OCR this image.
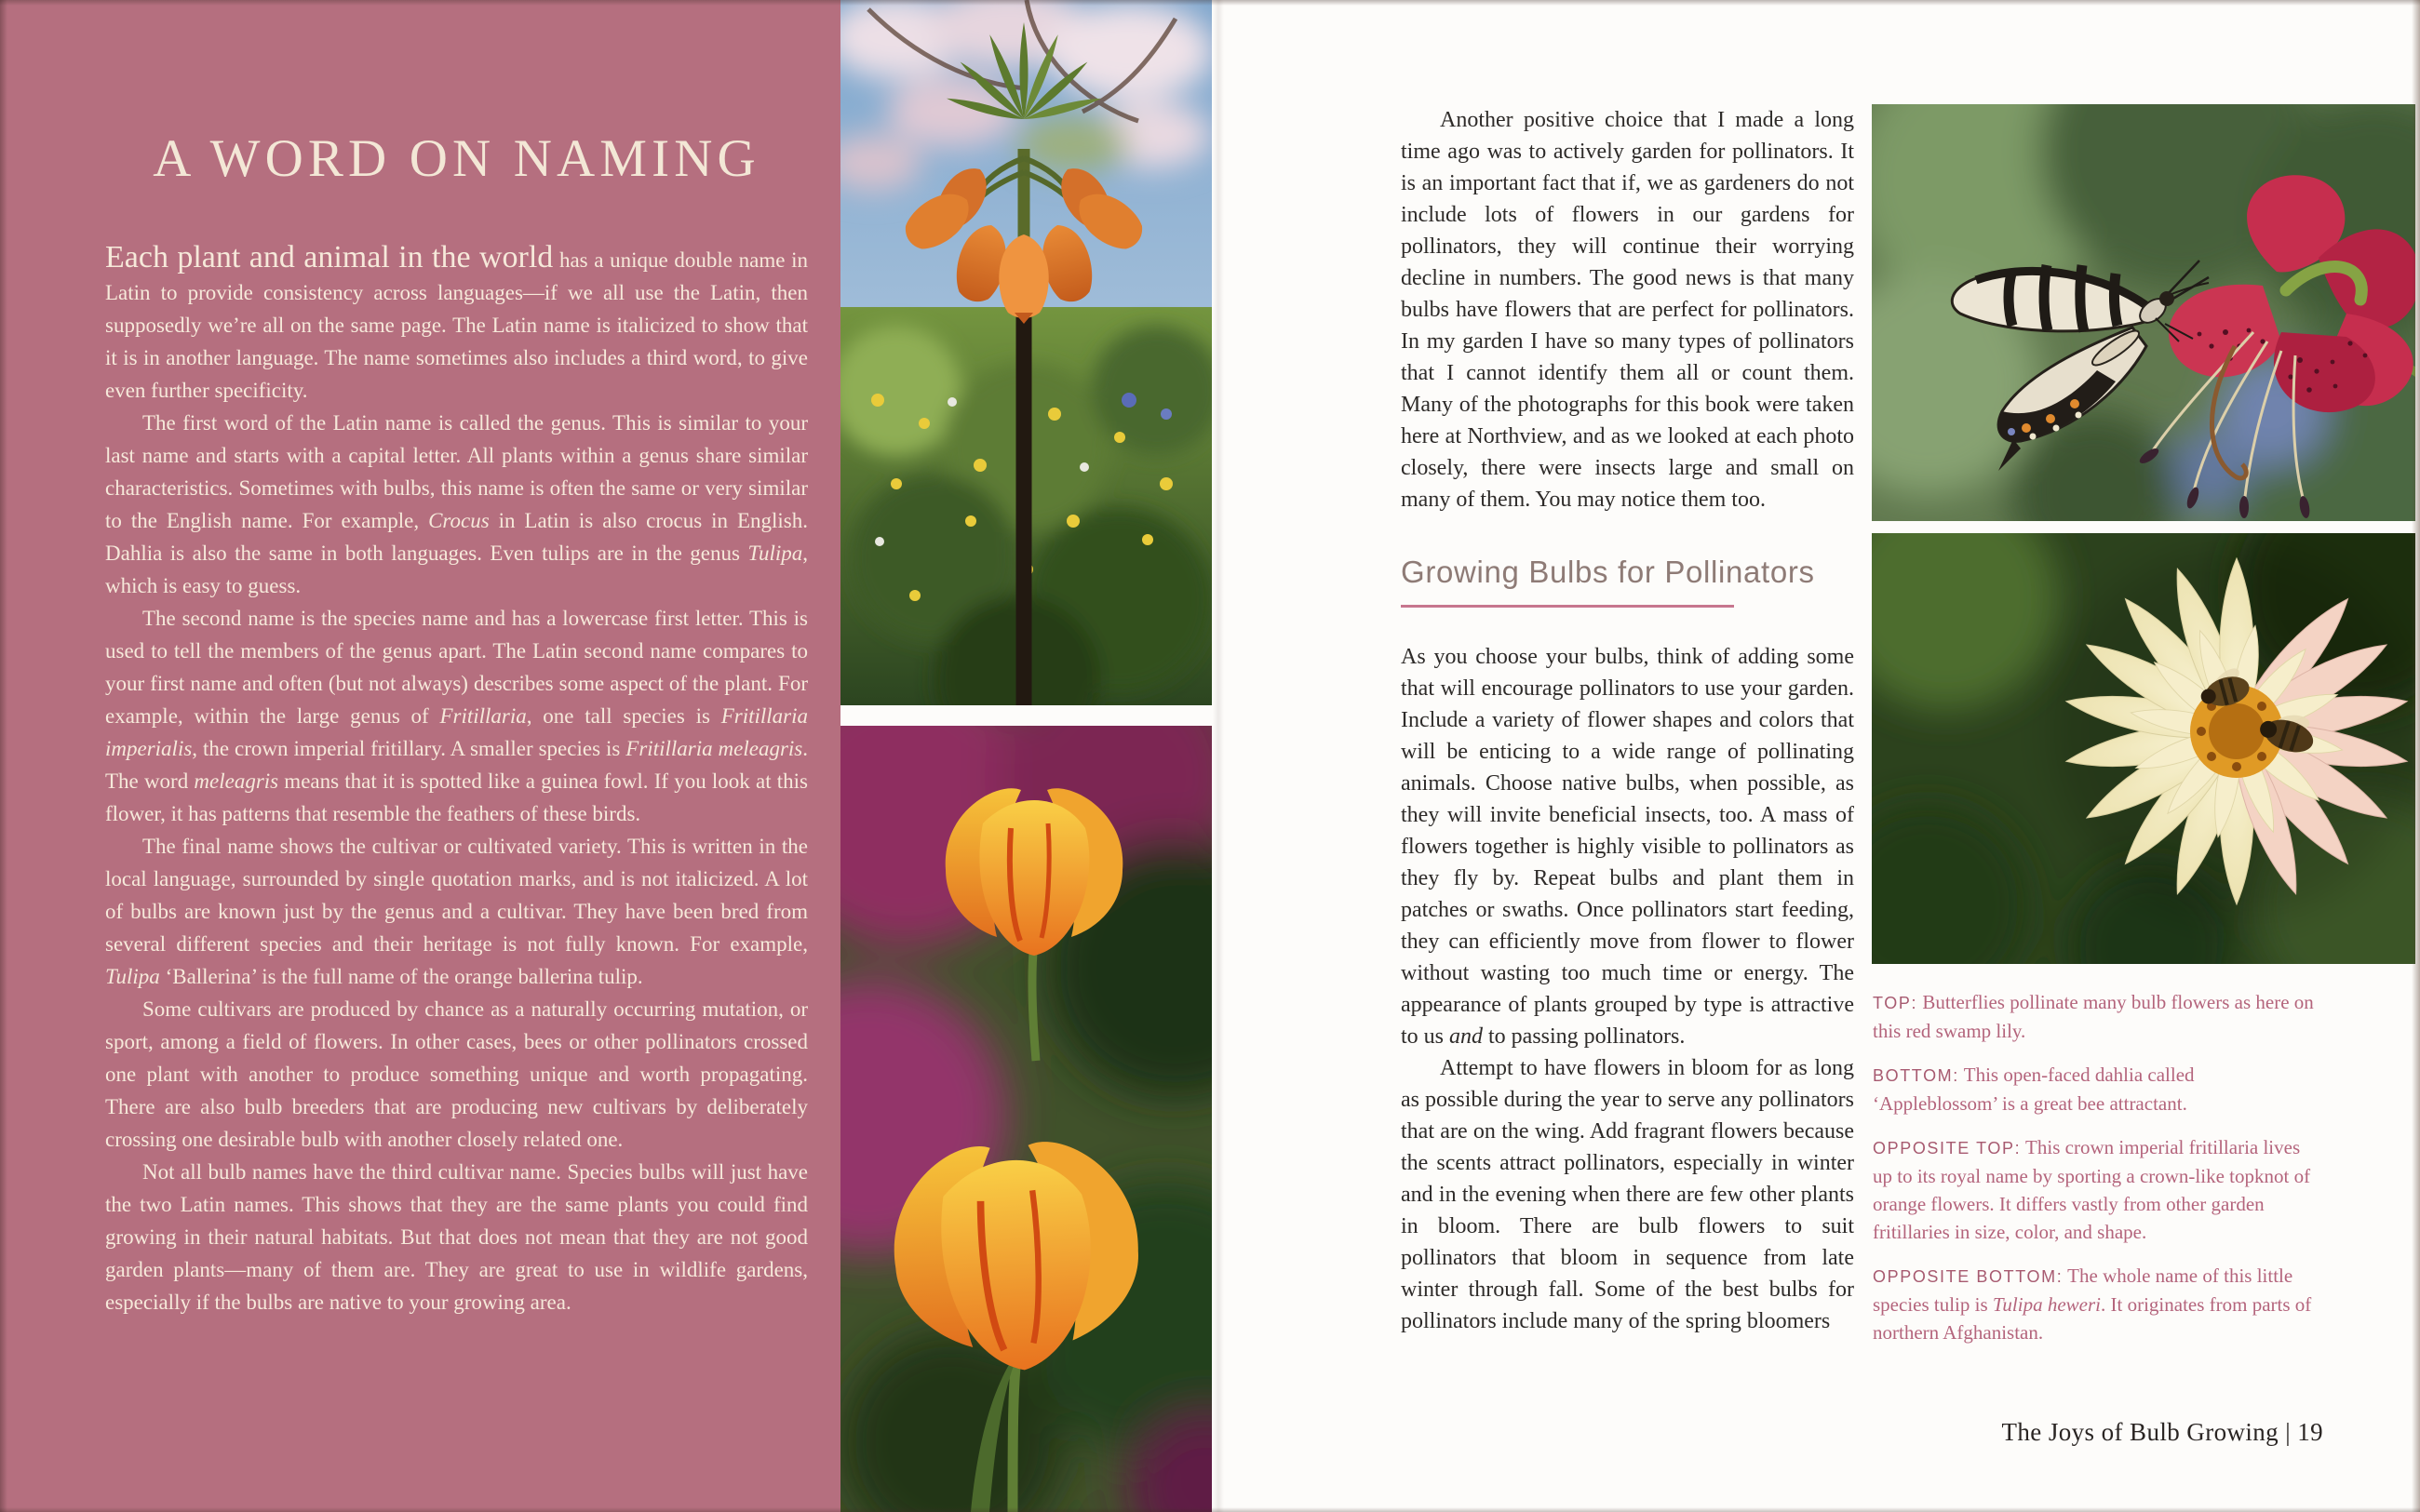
A WORD ON NAMING

Each plant and animal in the world has a unique double name in Latin to provide consistency across languages—if we all use the Latin, then supposedly we’re all on the same page. The Latin name is italicized to show that it is in another language. The name sometimes also includes a third word, to give even further specificity.

The first word of the Latin name is called the genus. This is similar to your last name and starts with a capital letter. All plants within a genus share similar characteristics. Sometimes with bulbs, this name is often the same or very similar to the English name. For example, Crocus in Latin is also crocus in English. Dahlia is also the same in both languages. Even tulips are in the genus Tulipa, which is easy to guess.

The second name is the species name and has a lowercase first letter. This is used to tell the members of the genus apart. The Latin second name compares to your first name and often (but not always) describes some aspect of the plant. For example, within the large genus of Fritillaria, one tall species is Fritillaria imperialis, the crown imperial fritillary. A smaller species is Fritillaria meleagris. The word meleagris means that it is spotted like a guinea fowl. If you look at this flower, it has patterns that resemble the feathers of these birds.

The final name shows the cultivar or cultivated variety. This is written in the local language, surrounded by single quotation marks, and is not italicized. A lot of bulbs are known just by the genus and a cultivar. They have been bred from several different species and their heritage is not fully known. For example, Tulipa ‘Ballerina’ is the full name of the orange ballerina tulip.

Some cultivars are produced by chance as a naturally occurring mutation, or sport, among a field of flowers. In other cases, bees or other pollinators crossed one plant with another to produce something unique and worth propagating. There are also bulb breeders that are producing new cultivars by deliberately crossing one desirable bulb with another closely related one.

Not all bulb names have the third cultivar name. Species bulbs will just have the two Latin names. This shows that they are the same plants you could find growing in their natural habitats. But that does not mean that they are not good garden plants—many of them are. They are great to use in wildlife gardens, especially if the bulbs are native to your growing area.

Another positive choice that I made a long time ago was to actively garden for pollinators. It is an important fact that if, we as gardeners do not include lots of flowers in our gardens for pollinators, they will continue their worrying decline in numbers. The good news is that many bulbs have flowers that are perfect for pollinators. In my garden I have so many types of pollinators that I cannot identify them all or count them. Many of the photographs for this book were taken here at Northview, and as we looked at each photo closely, there were insects large and small on many of them. You may notice them too.

Growing Bulbs for Pollinators

As you choose your bulbs, think of adding some that will encourage pollinators to use your garden. Include a variety of flower shapes and colors that will be enticing to a wide range of pollinating animals. Choose native bulbs, when possible, as they will invite beneficial insects, too. A mass of flowers together is highly visible to pollinators as they fly by. Repeat bulbs and plant them in patches or swaths. Once pollinators start feeding, they can efficiently move from flower to flower without wasting too much time or energy. The appearance of plants grouped by type is attractive to us and to passing pollinators.

Attempt to have flowers in bloom for as long as possible during the year to serve any pollinators that are on the wing. Add fragrant flowers because the scents attract pollinators, especially in winter and in the evening when there are few other plants in bloom. There are bulb flowers to suit pollinators that bloom in sequence from late winter through fall. Some of the best bulbs for pollinators include many of the spring bloomers

TOP: Butterflies pollinate many bulb flowers as here on this red swamp lily.

BOTTOM: This open-faced dahlia called ‘Appleblossom’ is a great bee attractant.

OPPOSITE TOP: This crown imperial fritillaria lives up to its royal name by sporting a crown-like topknot of orange flowers. It differs vastly from other garden fritillaries in size, color, and shape.

OPPOSITE BOTTOM: The whole name of this little species tulip is Tulipa heweri. It originates from parts of northern Afghanistan.

The Joys of Bulb Growing | 19
